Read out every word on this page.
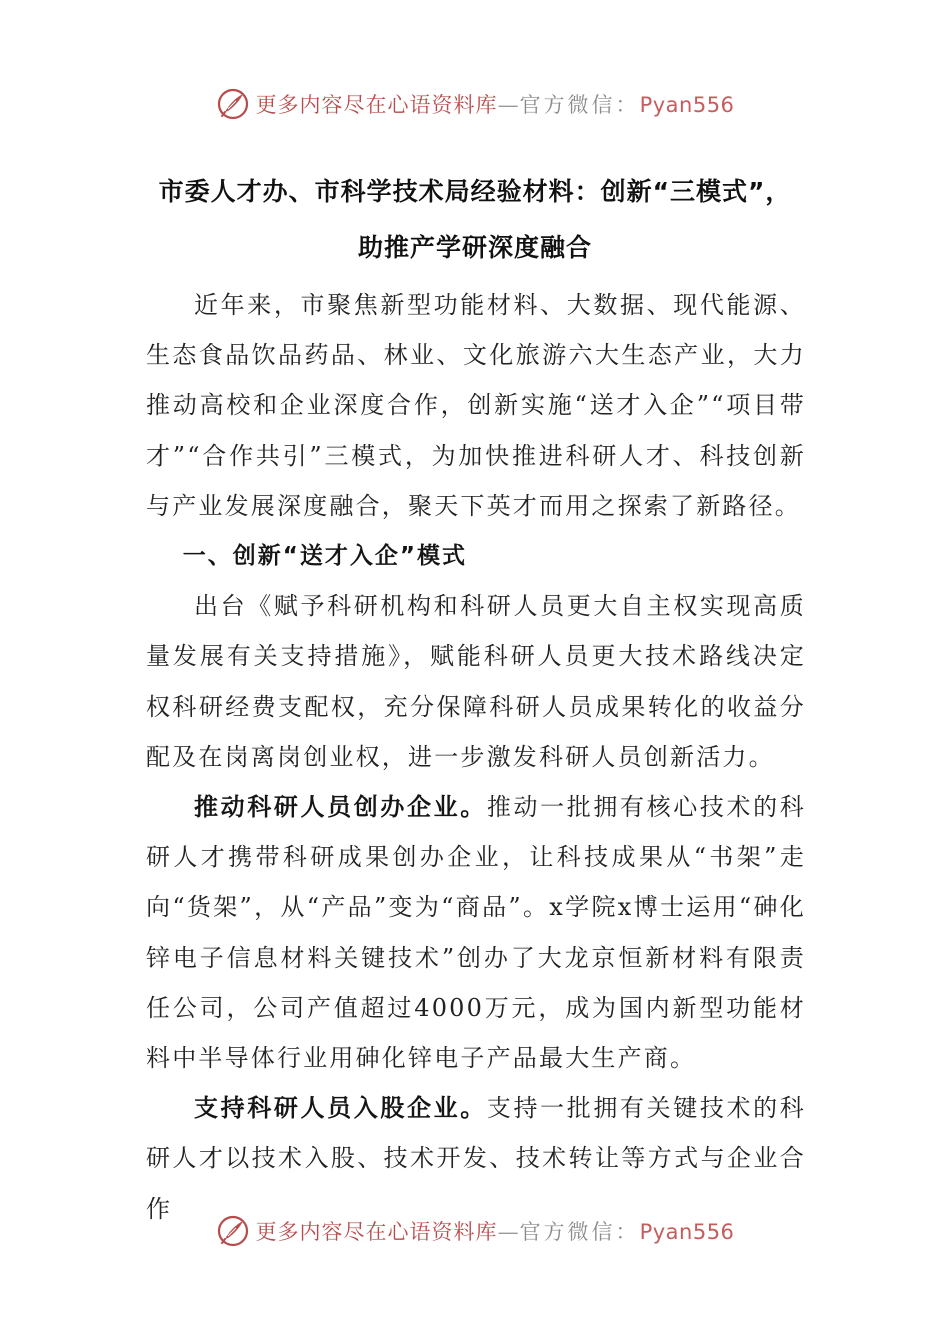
更多内容尽在心语资料库—官方微信：Pyan556
市委人才办、市科学技术局经验材料：创新“三模式”，
助推产学研深度融合

近年来，市聚焦新型功能材料、大数据、现代能源、生态食品饮品药品、林业、文化旅游六大生态产业，大力推动高校和企业深度合作，创新实施“送才入企”“项目带才”“合作共引”三模式，为加快推进科研人才、科技创新与产业发展深度融合，聚天下英才而用之探索了新路径。

一、创新“送才入企”模式

出台《赋予科研机构和科研人员更大自主权实现高质量发展有关支持措施》，赋能科研人员更大技术路线决定权科研经费支配权，充分保障科研人员成果转化的收益分配及在岗离岗创业权，进一步激发科研人员创新活力。

推动科研人员创办企业。推动一批拥有核心技术的科研人才携带科研成果创办企业，让科技成果从“书架”走向“货架”，从“产品”变为“商品”。x学院x博士运用“砷化锌电子信息材料关键技术”创办了大龙京恒新材料有限责任公司，公司产值超过4000万元，成为国内新型功能材料中半导体行业用砷化锌电子产品最大生产商。

支持科研人员入股企业。支持一批拥有关键技术的科研人才以技术入股、技术开发、技术转让等方式与企业合作

更多内容尽在心语资料库—官方微信：Pyan556
